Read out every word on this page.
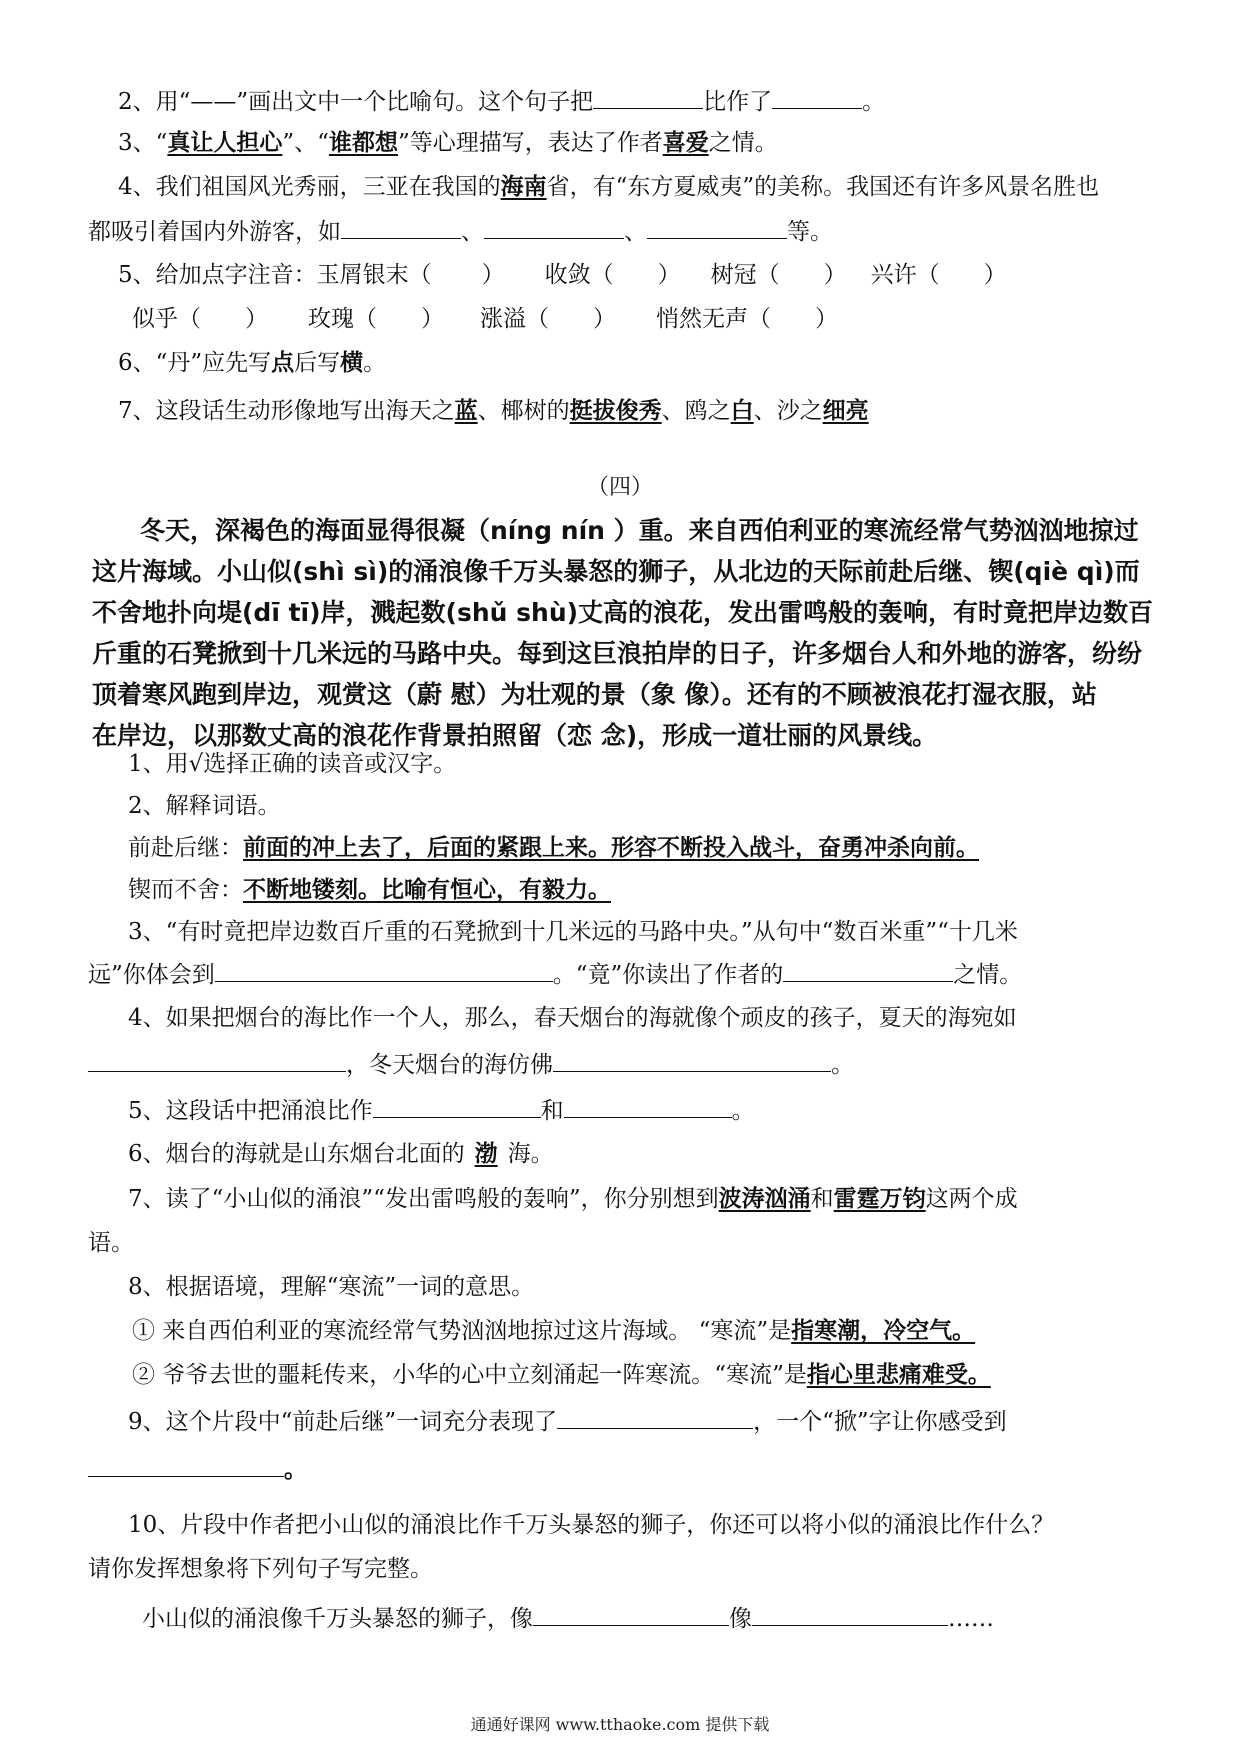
2、用“——”画出文中一个比喻句。这个句子把	比作了	。
3、“真让人担心”、“谁都想”等心理描写，表达了作者喜爱之情。
4、我们祖国风光秀丽，三亚在我国的海南省，有“东方夏威夷”的美称。我国还有许多风景名胜也
都吸引着国内外游客，如	、	、	等。
5、给加点字注音：玉屑银末（ ） 收敛（ ） 树冠（ ） 兴许（ ）
似乎（ ） 玫瑰（ ） 涨溢（ ） 悄然无声（ ）
6、“丹”应先写点后写横。
7、这段话生动形像地写出海天之蓝、椰树的挺拔俊秀、鸥之白、沙之细亮
（四）
冬天，深褐色的海面显得很凝（níng nín ）重。来自西伯利亚的寒流经常气势汹汹地掠过
这片海域。小山似(shì sì)的涌浪像千万头暴怒的狮子，从北边的天际前赴后继、锲(qiè qì)而
不舍地扑向堤(dī tī)岸，溅起数(shǔ shù)丈高的浪花，发出雷鸣般的轰响，有时竟把岸边数百
斤重的石凳掀到十几米远的马路中央。每到这巨浪拍岸的日子，许多烟台人和外地的游客，纷纷
顶着寒风跑到岸边，观赏这（蔚 慰）为壮观的景（象 像）。还有的不顾被浪花打湿衣服，站
在岸边，以那数丈高的浪花作背景拍照留（恋 念)，形成一道壮丽的风景线。
1、用√选择正确的读音或汉字。
2、解释词语。
前赴后继：前面的冲上去了，后面的紧跟上来。形容不断投入战斗，奋勇冲杀向前。
锲而不舍：不断地镂刻。比喻有恒心，有毅力。
3、“有时竟把岸边数百斤重的石凳掀到十几米远的马路中央。”从句中“数百米重”“十几米
远”你体会到	。“竟”你读出了作者的	之情。
4、如果把烟台的海比作一个人，那么，春天烟台的海就像个顽皮的孩子，夏天的海宛如
，冬天烟台的海仿佛	。
5、这段话中把涌浪比作	和	。
6、烟台的海就是山东烟台北面的 渤 海。
7、读了“小山似的涌浪”“发出雷鸣般的轰响”，你分别想到波涛汹涌和雷霆万钧这两个成
语。
8、根据语境，理解“寒流”一词的意思。
① 来自西伯利亚的寒流经常气势汹汹地掠过这片海域。 “寒流”是指寒潮，冷空气。
② 爷爷去世的噩耗传来，小华的心中立刻涌起一阵寒流。“寒流”是指心里悲痛难受。
9、这个片段中“前赴后继”一词充分表现了	，一个“掀”字让你感受到
。
10、片段中作者把小山似的涌浪比作千万头暴怒的狮子，你还可以将小似的涌浪比作什么？
请你发挥想象将下列句子写完整。
小山似的涌浪像千万头暴怒的狮子，像	像	……
通通好课网 www.tthaoke.com 提供下载
